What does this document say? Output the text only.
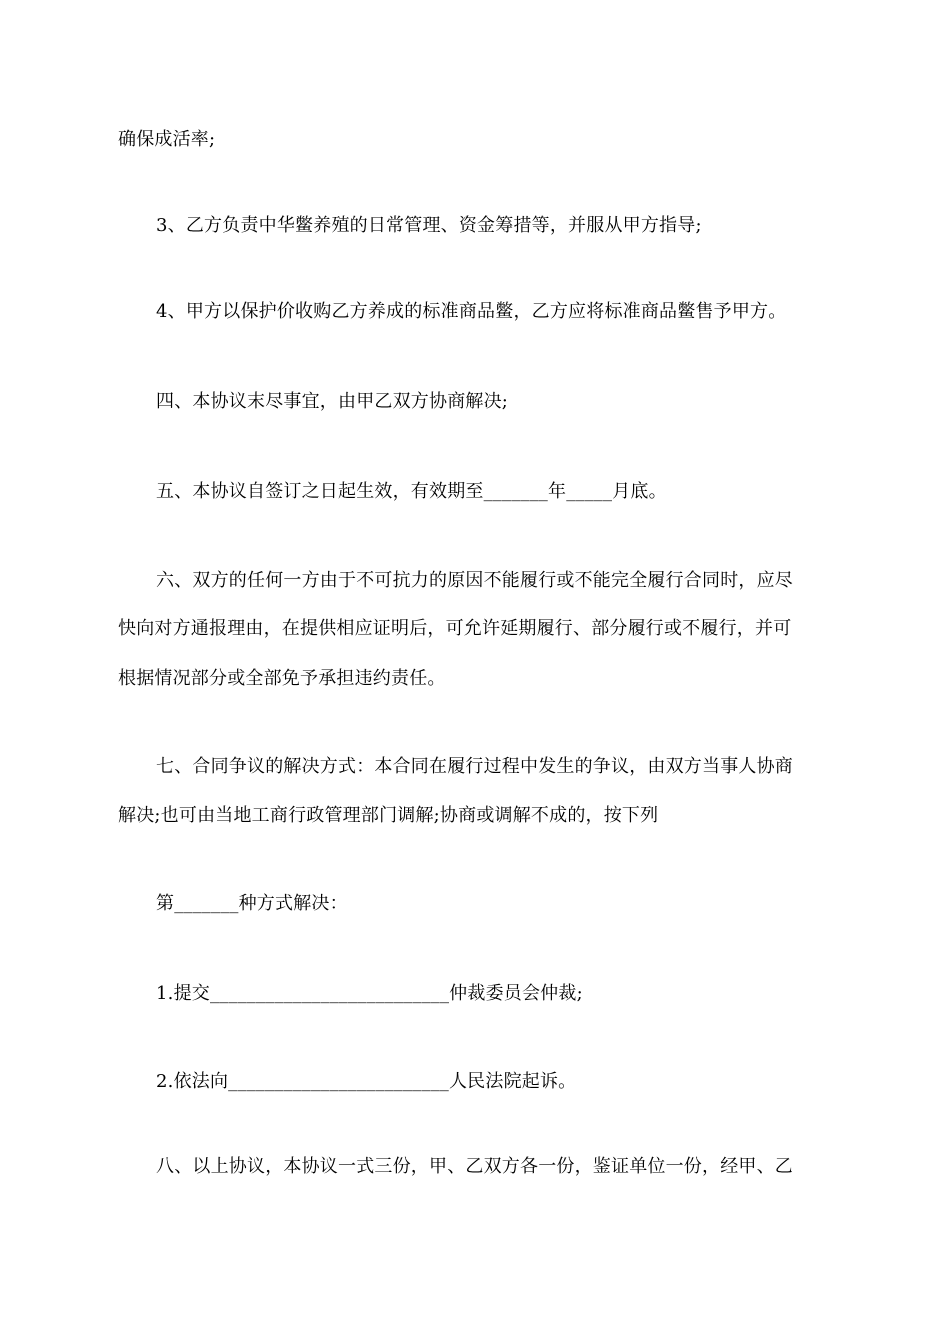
确保成活率;
3、乙方负责中华鳖养殖的日常管理、资金筹措等，并服从甲方指导;
4、甲方以保护价收购乙方养成的标准商品鳖，乙方应将标准商品鳖售予甲方。
四、本协议末尽事宜，由甲乙双方协商解决;
五、本协议自签订之日起生效，有效期至_______年_____月底。
六、双方的任何一方由于不可抗力的原因不能履行或不能完全履行合同时，应尽
快向对方通报理由，在提供相应证明后，可允许延期履行、部分履行或不履行，并可
根据情况部分或全部免予承担违约责任。
七、合同争议的解决方式：本合同在履行过程中发生的争议，由双方当事人协商
解决;也可由当地工商行政管理部门调解;协商或调解不成的，按下列
第_______种方式解决：
1.提交__________________________仲裁委员会仲裁;
2.依法向________________________人民法院起诉。
八、以上协议，本协议一式三份，甲、乙双方各一份，鉴证单位一份，经甲、乙
